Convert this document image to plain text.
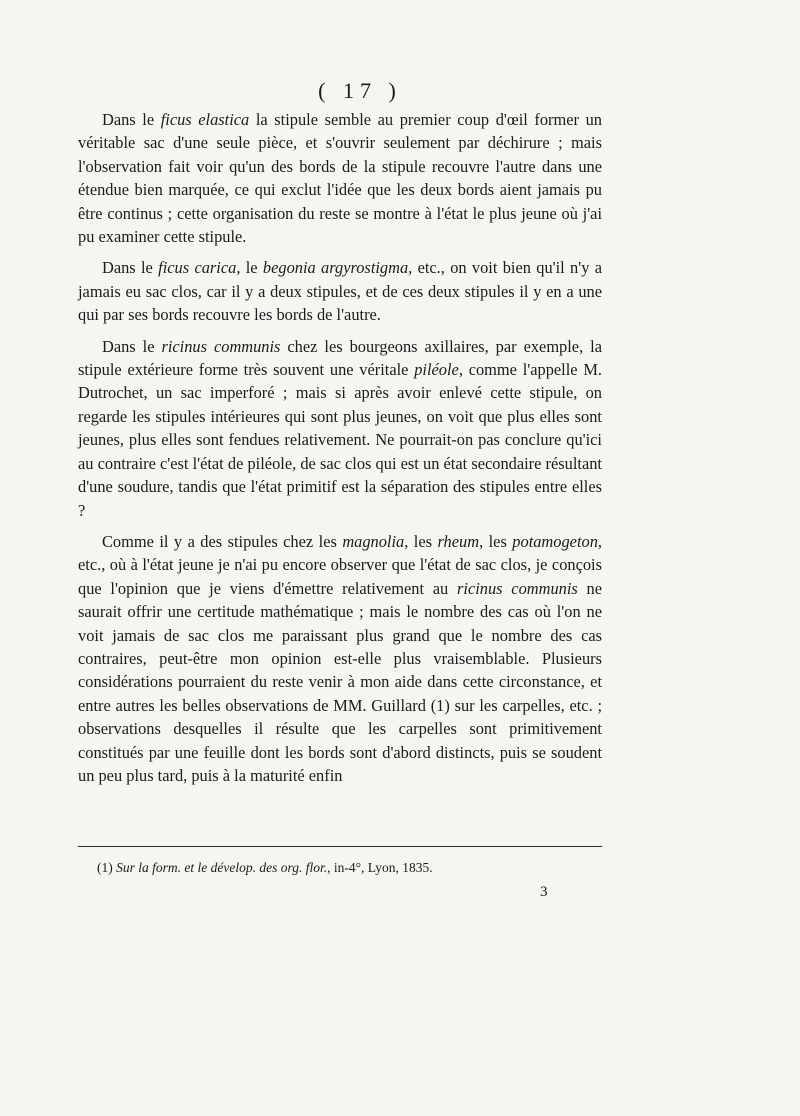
( 17 )

Dans le ficus elastica la stipule semble au premier coup d'œil former un véritable sac d'une seule pièce, et s'ouvrir seulement par déchirure ; mais l'observation fait voir qu'un des bords de la stipule recouvre l'autre dans une étendue bien marquée, ce qui exclut l'idée que les deux bords aient jamais pu être continus ; cette organisation du reste se montre à l'état le plus jeune où j'ai pu examiner cette stipule.

Dans le ficus carica, le begonia argyrostigma, etc., on voit bien qu'il n'y a jamais eu sac clos, car il y a deux stipules, et de ces deux stipules il y en a une qui par ses bords recouvre les bords de l'autre.

Dans le ricinus communis chez les bourgeons axillaires, par exemple, la stipule extérieure forme très souvent une véritale piléole, comme l'appelle M. Dutrochet, un sac imperforé ; mais si après avoir enlevé cette stipule, on regarde les stipules intérieures qui sont plus jeunes, on voit que plus elles sont jeunes, plus elles sont fendues relativement. Ne pourrait-on pas conclure qu'ici au contraire c'est l'état de piléole, de sac clos qui est un état secondaire résultant d'une soudure, tandis que l'état primitif est la séparation des stipules entre elles ?

Comme il y a des stipules chez les magnolia, les rheum, les potamogeton, etc., où à l'état jeune je n'ai pu encore observer que l'état de sac clos, je conçois que l'opinion que je viens d'émettre relativement au ricinus communis ne saurait offrir une certitude mathématique ; mais le nombre des cas où l'on ne voit jamais de sac clos me paraissant plus grand que le nombre des cas contraires, peut-être mon opinion est-elle plus vraisemblable. Plusieurs considérations pourraient du reste venir à mon aide dans cette circonstance, et entre autres les belles observations de MM. Guillard (1) sur les carpelles, etc. ; observations desquelles il résulte que les carpelles sont primitivement constitués par une feuille dont les bords sont d'abord distincts, puis se soudent un peu plus tard, puis à la maturité enfin

(1) Sur la form. et le dévelop. des org. flor., in-4°, Lyon, 1835.
3
